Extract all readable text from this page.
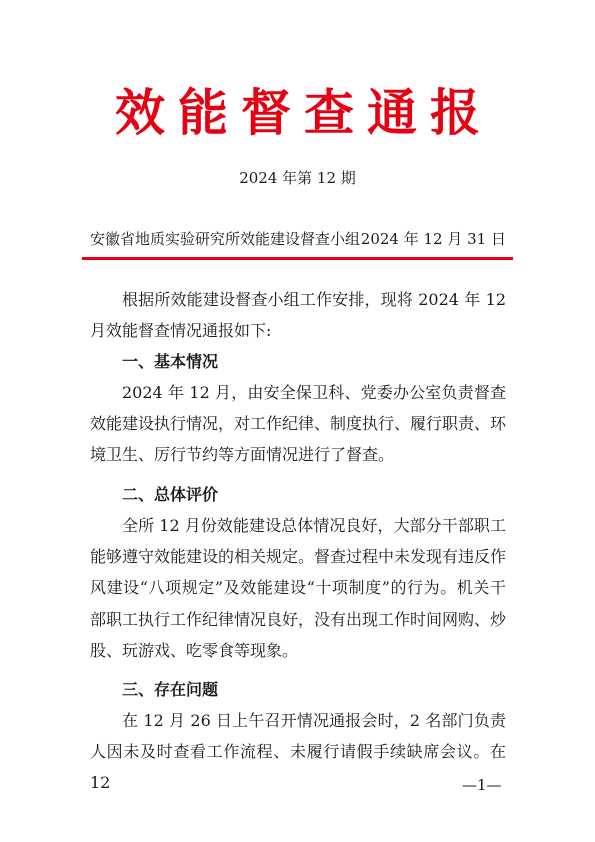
效能督查通报
2024 年第 12 期
安徽省地质实验研究所效能建设督查小组 2024 年 12 月 31 日

根据所效能建设督查小组工作安排，现将 2024 年 12 月效能督查情况通报如下:

一、基本情况

2024 年 12 月，由安全保卫科、党委办公室负责督查效能建设执行情况，对工作纪律、制度执行、履行职责、环境卫生、厉行节约等方面情况进行了督查。

二、总体评价

全所 12 月份效能建设总体情况良好，大部分干部职工能够遵守效能建设的相关规定。督查过程中未发现有违反作风建设“八项规定”及效能建设“十项制度”的行为。机关干部职工执行工作纪律情况良好，没有出现工作时间网购、炒股、玩游戏、吃零食等现象。

三、存在问题

在 12 月 26 日上午召开情况通报会时，2 名部门负责人因未及时查看工作流程、未履行请假手续缺席会议。在 12	—1—
